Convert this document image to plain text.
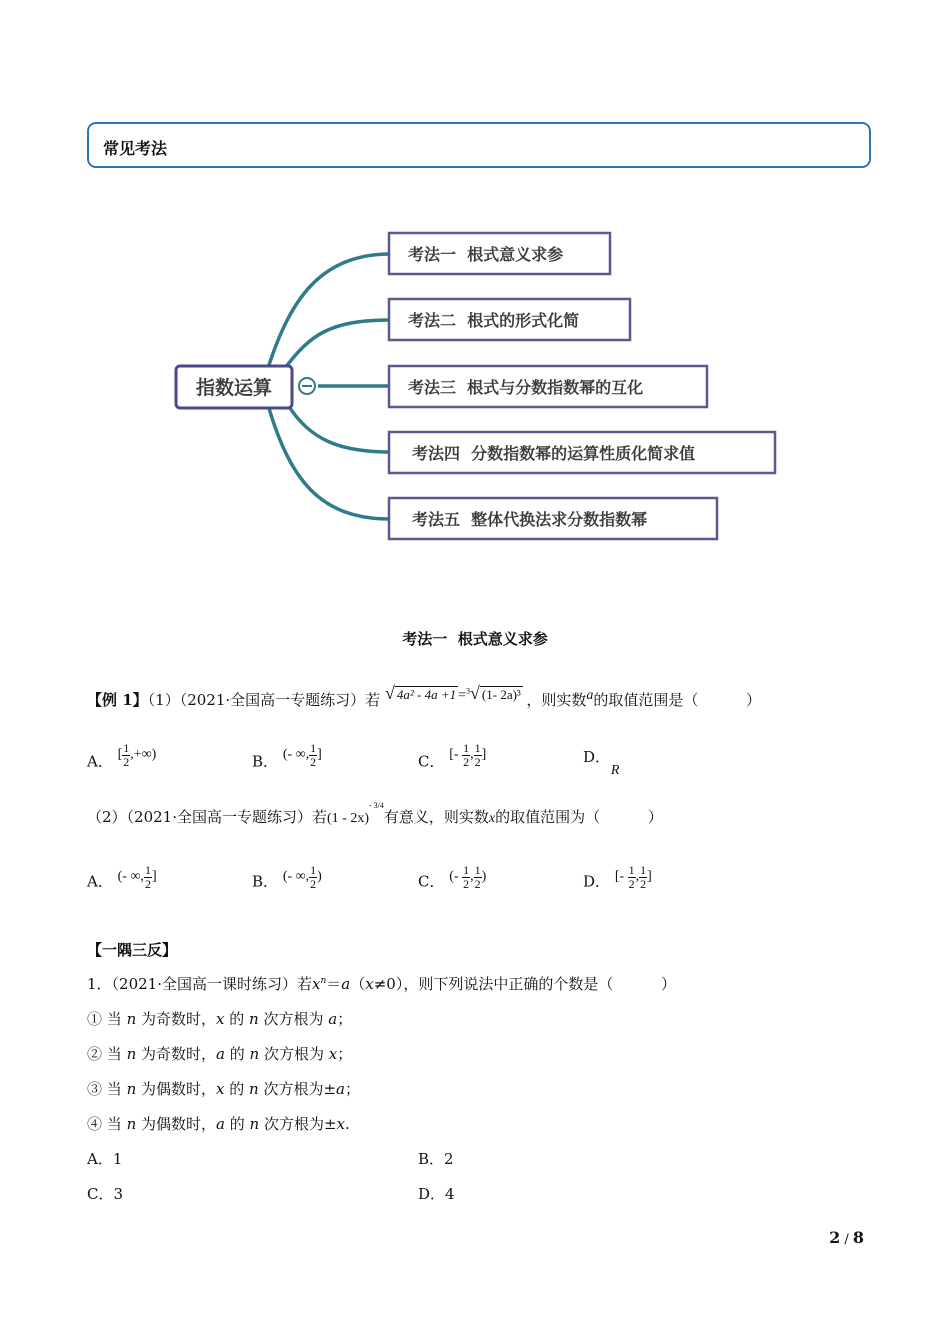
常见考法
指数运算
考法一  根式意义求参
考法二  根式的形式化简
考法三  根式与分数指数幂的互化
考法四  分数指数幂的运算性质化简求值
考法五  整体代换法求分数指数幂
考法一  根式意义求参
【例 1】（1）（2021·全国高一专题练习）若 √ 4a² - 4a +1 =$^3$√ (1- 2a)³ ，则实数a的取值范围是（          ）
A． [ $\frac{1}{2}$ ,+∞)	B． (- ∞, $\frac{1}{2}$ ]	C． [- $\frac{1}{2}$ , $\frac{1}{2}$ ]	D． R
（2）（2021·全国高一专题练习）若(1 - 2x)$^{- 3/4}$有意义，则实数x的取值范围为（          ）
A． (- ∞, $\frac{1}{2}$ ]	B． (- ∞, $\frac{1}{2}$ )	C． (- $\frac{1}{2}$ , $\frac{1}{2}$ )	D． [- $\frac{1}{2}$ , $\frac{1}{2}$ ]
【一隅三反】
1．（2021·全国高一课时练习）若$x^n=a(x\ne 0)$，则下列说法中正确的个数是（          ）
① 当 n 为奇数时，x 的 n 次方根为 a；
② 当 n 为奇数时，a 的 n 次方根为 x；
③ 当 n 为偶数时，x 的 n 次方根为±a；
④ 当 n 为偶数时，a 的 n 次方根为±x.
A．1	B．2
C．3	D．4
2 / 8
